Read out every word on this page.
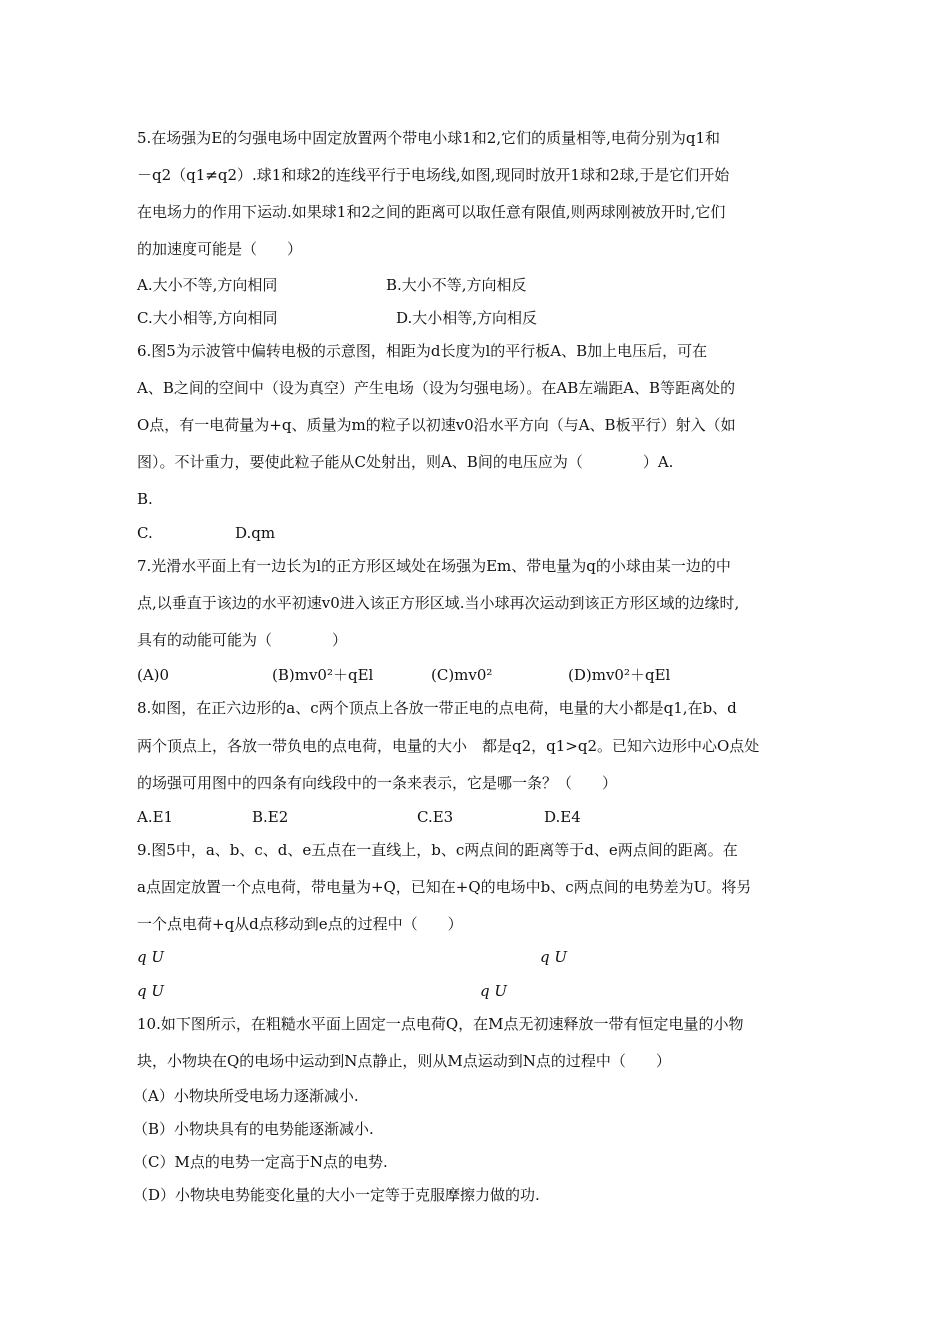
5.在场强为E的匀强电场中固定放置两个带电小球1和2,它们的质量相等,电荷分别为q1和
－q2（q1≠q2）.球1和球2的连线平行于电场线,如图,现同时放开1球和2球,于是它们开始
在电场力的作用下运动.如果球1和2之间的距离可以取任意有限值,则两球刚被放开时,它们
的加速度可能是（　　）
A.大小不等,方向相同	B.大小不等,方向相反
C.大小相等,方向相同	D.大小相等,方向相反
6.图5为示波管中偏转电极的示意图，相距为d长度为l的平行板A、B加上电压后，可在
A、B之间的空间中（设为真空）产生电场（设为匀强电场）。在AB左端距A、B等距离处的
O点，有一电荷量为+q、质量为m的粒子以初速v0沿水平方向（与A、B板平行）射入（如
图）。不计重力，要使此粒子能从C处射出，则A、B间的电压应为（　　　　）A.
B.
C.	D.qm
7.光滑水平面上有一边长为l的正方形区域处在场强为Em、带电量为q的小球由某一边的中
点,以垂直于该边的水平初速v0进入该正方形区域.当小球再次运动到该正方形区域的边缘时,
具有的动能可能为（　　　　）
(A)0	(B)mv0²＋qEl	(C)mv0²	(D)mv0²＋qEl
8.如图，在正六边形的a、c两个顶点上各放一带正电的点电荷，电量的大小都是q1,在b、d
两个顶点上，各放一带负电的点电荷，电量的大小　都是q2，q1>q2。已知六边形中心O点处
的场强可用图中的四条有向线段中的一条来表示，它是哪一条？（　　）
A.E1	B.E2	C.E3	D.E4
9.图5中，a、b、c、d、e五点在一直线上，b、c两点间的距离等于d、e两点间的距离。在
a点固定放置一个点电荷，带电量为+Q，已知在+Q的电场中b、c两点间的电势差为U。将另
一个点电荷+q从d点移动到e点的过程中（　　）
q U	q U
q U	q U
10.如下图所示，在粗糙水平面上固定一点电荷Q，在M点无初速释放一带有恒定电量的小物
块，小物块在Q的电场中运动到N点静止，则从M点运动到N点的过程中（　　）
（A）小物块所受电场力逐渐减小.
（B）小物块具有的电势能逐渐减小.
（C）M点的电势一定高于N点的电势.
（D）小物块电势能变化量的大小一定等于克服摩擦力做的功.
